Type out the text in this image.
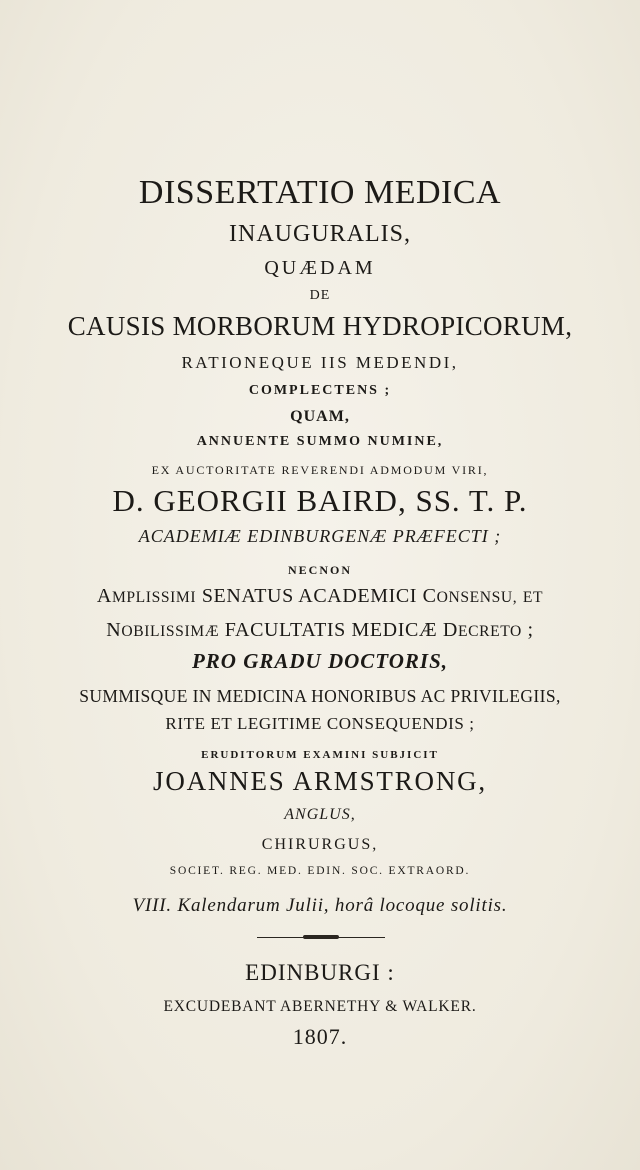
DISSERTATIO MEDICA
INAUGURALIS,
QUÆDAM
DE
CAUSIS MORBORUM HYDROPICORUM,
RATIONEQUE IIS MEDENDI,
COMPLECTENS ;
QUAM,
ANNUENTE SUMMO NUMINE,
EX AUCTORITATE REVERENDI ADMODUM VIRI,
D. GEORGII BAIRD, SS. T. P.
ACADEMIÆ EDINBURGENÆ PRÆFECTI ;
NECNON
AMPLISSIMI SENATUS ACADEMICI CONSENSU, ET
NOBILISSIMÆ FACULTATIS MEDICÆ DECRETO ;
PRO GRADU DOCTORIS,
SUMMISQUE IN MEDICINA HONORIBUS AC PRIVILEGIIS,
RITE ET LEGITIME CONSEQUENDIS ;
ERUDITORUM EXAMINI SUBJICIT
JOANNES ARMSTRONG,
ANGLUS,
CHIRURGUS,
SOCIET. REG. MED. EDIN. SOC. EXTRAORD.
VIII. Kalendarum Julii, horâ locoque solitis.
EDINBURGI :
EXCUDEBANT ABERNETHY & WALKER.
1807.
